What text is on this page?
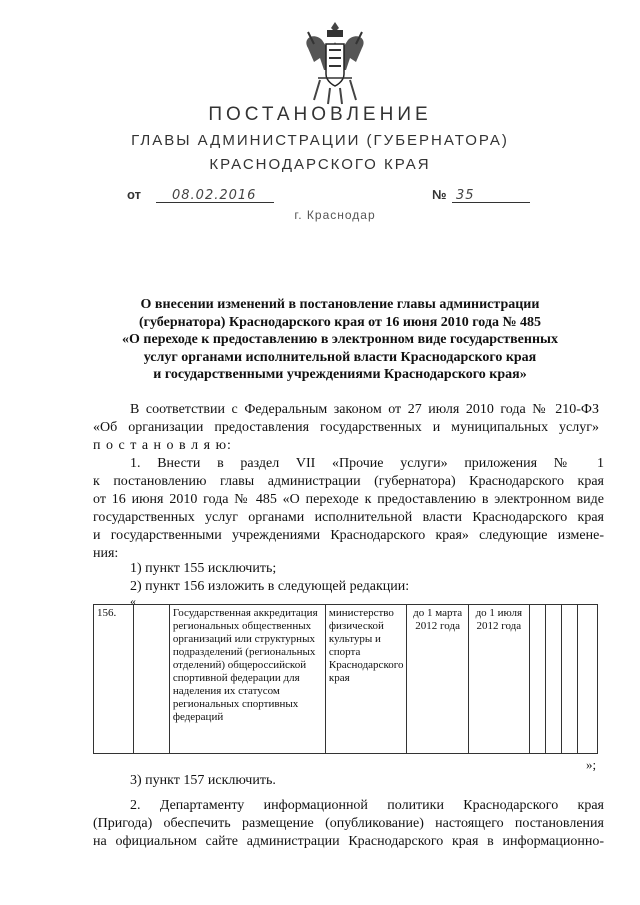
ПОСТАНОВЛЕНИЕ
ГЛАВЫ АДМИНИСТРАЦИИ (ГУБЕРНАТОРА)
КРАСНОДАРСКОГО КРАЯ
от	08.02.2016	№ 35
г. Краснодар
О внесении изменений в постановление главы администрации
(губернатора) Краснодарского края от 16 июня 2010 года № 485
«О переходе к предоставлению в электронном виде государственных
услуг органами исполнительной власти Краснодарского края
и государственными учреждениями Краснодарского края»
В соответствии с Федеральным законом от 27 июля 2010 года № 210-ФЗ
«Об организации предоставления государственных и муниципальных услуг»
п о с т а н о в л я ю:
1. Внести в раздел VII «Прочие услуги» приложения № 1
к постановлению главы администрации (губернатора) Краснодарского края
от 16 июня 2010 года № 485 «О переходе к предоставлению в электронном виде
государственных услуг органами исполнительной власти Краснодарского края
и государственными учреждениями Краснодарского края» следующие измене-
ния:
1) пункт 155 исключить;
2) пункт 156 изложить в следующей редакции:
«
156.		Государственная аккредитация региональных общественных организаций или структурных подразделений (региональных отделений) общероссийской спортивной федерации для наделения их статусом региональных спортивных федераций	министерство физической культуры и спорта Краснодарского края	до 1 марта 2012 года	до 1 июля 2012 года				
»;
3) пункт 157 исключить.
2. Департаменту информационной политики Краснодарского края
(Пригода) обеспечить размещение (опубликование) настоящего постановления
на официальном сайте администрации Краснодарского края в информационно-
